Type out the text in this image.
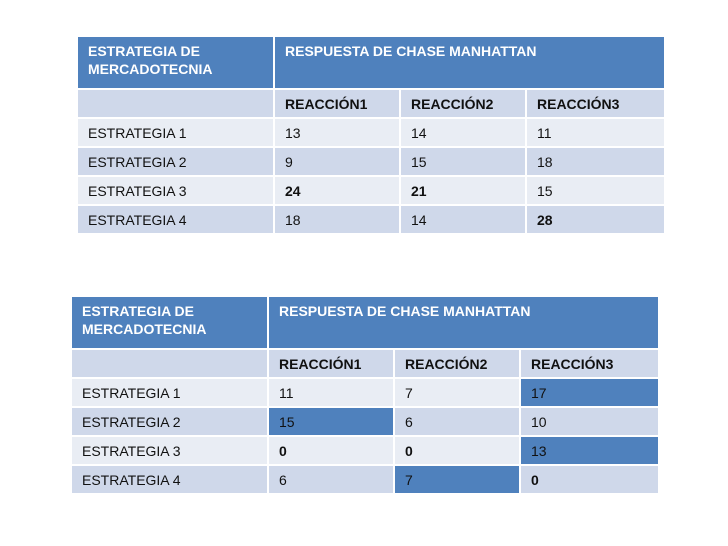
ESTRATEGIA DE MERCADOTECNIA	RESPUESTA DE CHASE MANHATTAN		
	REACCIÓN1	REACCIÓN2	REACCIÓN3
ESTRATEGIA 1	13	14	11
ESTRATEGIA 2	9	15	18
ESTRATEGIA 3	24	21	15
ESTRATEGIA 4	18	14	28
ESTRATEGIA DE MERCADOTECNIA	RESPUESTA DE CHASE MANHATTAN		
	REACCIÓN1	REACCIÓN2	REACCIÓN3
ESTRATEGIA 1	11	7	17
ESTRATEGIA 2	15	6	10
ESTRATEGIA 3	0	0	13
ESTRATEGIA 4	6	7	0
